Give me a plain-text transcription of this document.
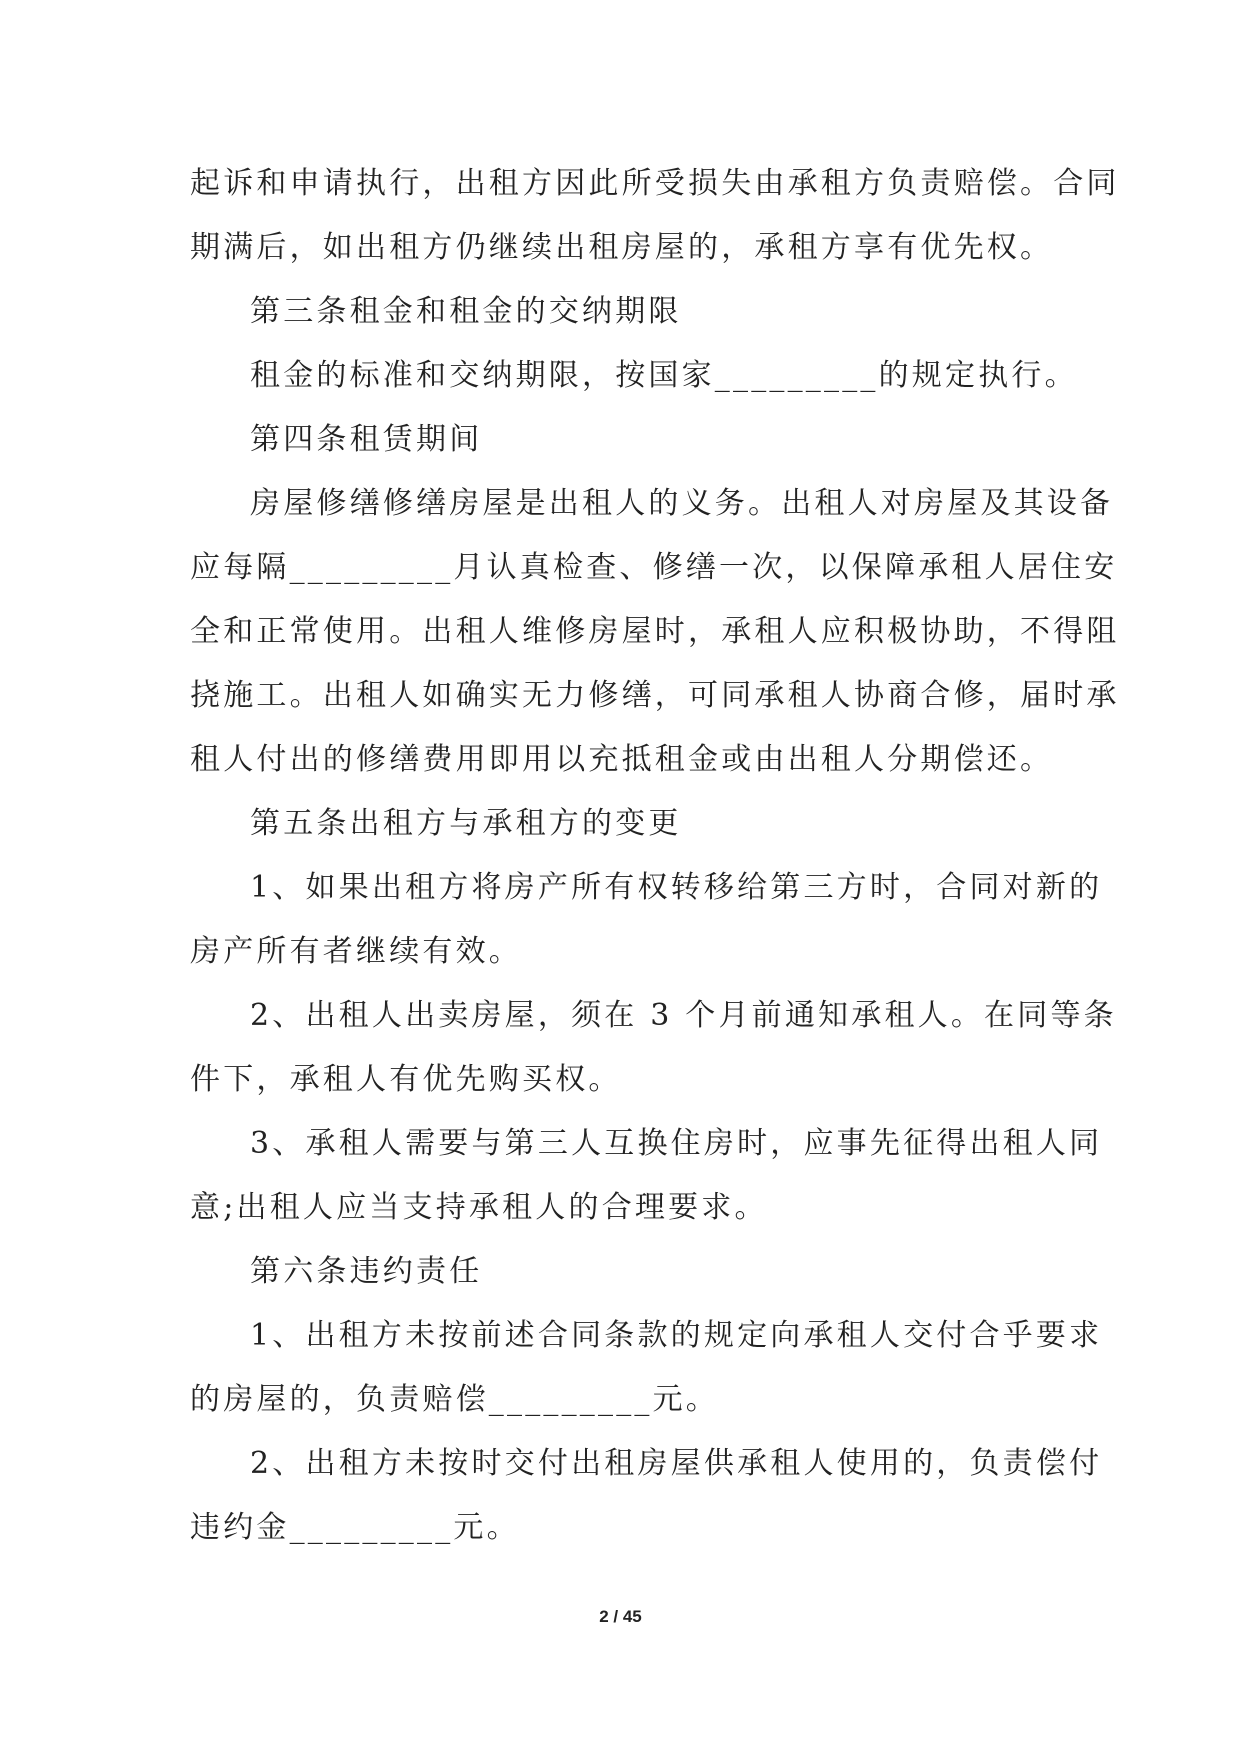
起诉和申请执行，出租方因此所受损失由承租方负责赔偿。合同
期满后，如出租方仍继续出租房屋的，承租方享有优先权。
第三条租金和租金的交纳期限
租金的标准和交纳期限，按国家_________的规定执行。
第四条租赁期间
房屋修缮修缮房屋是出租人的义务。出租人对房屋及其设备
应每隔_________月认真检查、修缮一次，以保障承租人居住安
全和正常使用。出租人维修房屋时，承租人应积极协助，不得阻
挠施工。出租人如确实无力修缮，可同承租人协商合修，届时承
租人付出的修缮费用即用以充抵租金或由出租人分期偿还。
第五条出租方与承租方的变更
1、如果出租方将房产所有权转移给第三方时，合同对新的
房产所有者继续有效。
2、出租人出卖房屋，须在 3 个月前通知承租人。在同等条
件下，承租人有优先购买权。
3、承租人需要与第三人互换住房时，应事先征得出租人同
意;出租人应当支持承租人的合理要求。
第六条违约责任
1、出租方未按前述合同条款的规定向承租人交付合乎要求
的房屋的，负责赔偿_________元。
2、出租方未按时交付出租房屋供承租人使用的，负责偿付
违约金_________元。
2 / 45
